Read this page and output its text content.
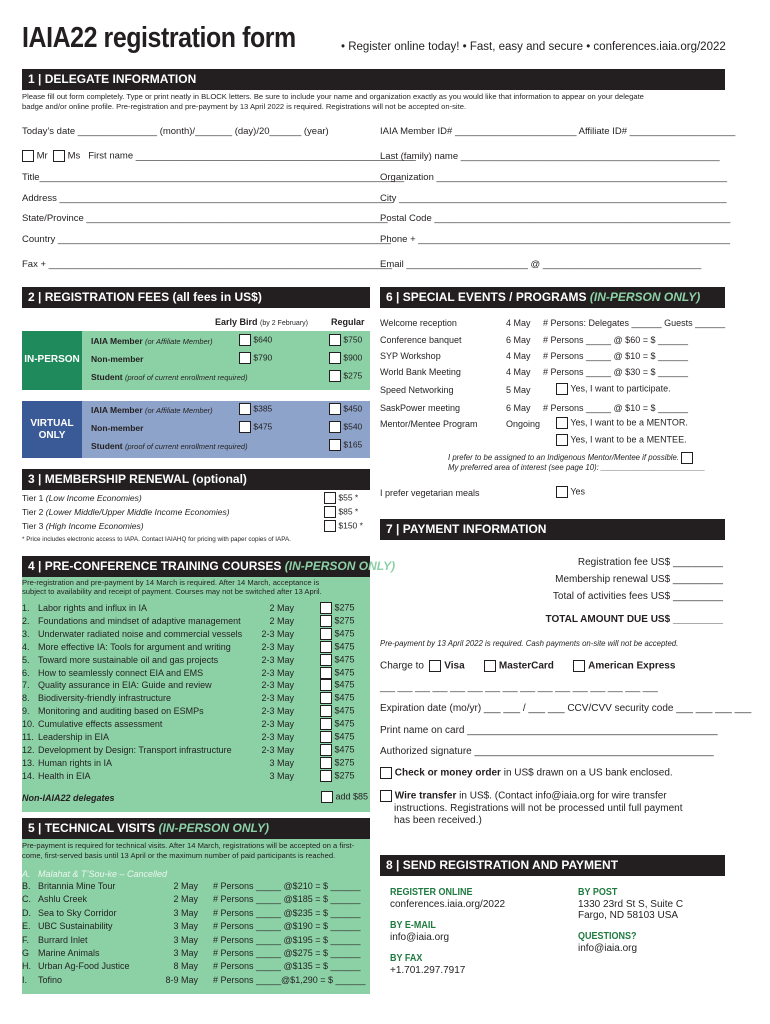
IAIA22 registration form	• Register online today! • Fast, easy and secure • conferences.iaia.org/2022
1 | DELEGATE INFORMATION
Please fill out form completely. Type or print neatly in BLOCK letters. Be sure to include your name and organization exactly as you would like that information to appear on your delegate
badge and/or online profile. Pre-registration and pre-payment by 13 April 2022 is required. Registrations will not be accepted on-site.
Today’s date _______________ (month)/_______ (day)/20______ (year)	IAIA Member ID# _______________________ Affiliate ID# ____________________
Mr Ms First name _____________________________________________________
Last (family) name _________________________________________________
Title_____________________________________________________________________
Organization _______________________________________________________
Address _______________________________________________________________
City ______________________________________________________________
State/Province _________________________________________________________
Postal Code ________________________________________________________
Country _______________________________________________________________
Phone + ___________________________________________________________
Fax + _________________________________________________________________
Email _______________________ @ ______________________________
2 | REGISTRATION FEES (all fees in US$)
Early Bird (by 2 February)	Regular
IN-PERSON
IAIA Member (or Affiliate Member)	$640	$750
Non-member	$790	$900
Student (proof of current enrollment required)	$275
VIRTUAL ONLY
IAIA Member (or Affiliate Member)	$385	$450
Non-member	$475	$540
Student (proof of current enrollment required)	$165
3 | MEMBERSHIP RENEWAL (optional)
Tier 1 (Low Income Economies)	$55 *
Tier 2 (Lower Middle/Upper Middle Income Economies)	$85 *
Tier 3 (High Income Economies)	$150 *
* Price includes electronic access to IAPA. Contact IAIAHQ for pricing with paper copies of IAPA.
4 | PRE-CONFERENCE TRAINING COURSES (IN-PERSON ONLY)
Pre-registration and pre-payment by 14 March is required. After 14 March, acceptance is
subject to availability and receipt of payment. Courses may not be switched after 13 April.
1. Labor rights and influx in IA	2 May	$275
2. Foundations and mindset of adaptive management	2 May	$275
3. Underwater radiated noise and commercial vessels 2-3 May	$475
4. More effective IA: Tools for argument and writing	2-3 May	$475
5. Toward more sustainable oil and gas projects	2-3 May	$475
6. How to seamlessly connect EIA and EMS	2-3 May	$475
7. Quality assurance in EIA: Guide and review	2-3 May	$475
8. Biodiversity-friendly infrastructure	2-3 May	$475
9. Monitoring and auditing based on ESMPs	2-3 May	$475
10. Cumulative effects assessment	2-3 May	$475
11. Leadership in EIA	2-3 May	$475
12. Development by Design: Transport infrastructure	2-3 May	$475
13. Human rights in IA	3 May	$275
14. Health in EIA	3 May	$275
Non-IAIA22 delegates	add $85
5 | TECHNICAL VISITS (IN-PERSON ONLY)
Pre-payment is required for technical visits. After 14 March, registrations will be accepted on a first-
come, first-served basis until 13 April or the maximum number of paid participants is reached.
A. Malahat & T’Sou-ke – Cancelled
B. Britannia Mine Tour	2 May # Persons _____ @$210 = $ ______
C. Ashlu Creek	2 May # Persons _____ @$185 = $ ______
D. Sea to Sky Corridor	3 May # Persons _____ @$235 = $ ______
E. UBC Sustainability	3 May # Persons _____ @$190 = $ ______
F. Burrard Inlet	3 May # Persons _____ @$195 = $ ______
G Marine Animals	3 May # Persons _____ @$275 = $ ______
H. Urban Ag-Food Justice	8 May # Persons _____ @$135 = $ ______
I. Tofino	8-9 May # Persons _____@$1,290 = $ ______
6 | SPECIAL EVENTS / PROGRAMS (IN-PERSON ONLY)
Welcome reception	4 May # Persons: Delegates ______ Guests ______
Conference banquet	6 May # Persons _____ @ $60 = $ ______
SYP Workshop	4 May # Persons _____ @ $10 = $ ______
World Bank Meeting	4 May # Persons _____ @ $30 = $ ______
Speed Networking	5 May
SaskPower meeting	6 May # Persons _____ @ $10 = $ ______
Mentor/Mentee Program	Ongoing
Yes, I want to participate.
Yes, I want to be a MENTOR.
Yes, I want to be a MENTEE.
I prefer to be assigned to an Indigenous Mentor/Mentee if possible.
My preferred area of interest (see page 10): ________________________
I prefer vegetarian meals	Yes
7 | PAYMENT INFORMATION
Registration fee US$ _________
Membership renewal US$ _________
Total of activities fees US$ _________
TOTAL AMOUNT DUE US$ _________
Pre-payment by 13 April 2022 is required. Cash payments on-site will not be accepted.
Charge to Visa	MasterCard	American Express
___ ___ ___ ___ ___ ___ ___ ___ ___ ___ ___ ___ ___ ___ ___ ___
Expiration date (mo/yr) ___ ___ / ___ ___ CCV/CVV security code ___ ___ ___ ___
Print name on card _____________________________________________
Authorized signature ___________________________________________
Check or money order in US$ drawn on a US bank enclosed.
Wire transfer in US$. (Contact info@iaia.org for wire transfer
instructions. Registrations will not be processed until full payment
has been received.)
8 | SEND REGISTRATION AND PAYMENT
REGISTER ONLINE
conferences.iaia.org/2022
BY E-MAIL
info@iaia.org
BY FAX
+1.701.297.7917
BY POST
1330 23rd St S, Suite C
Fargo, ND 58103 USA
QUESTIONS?
info@iaia.org
